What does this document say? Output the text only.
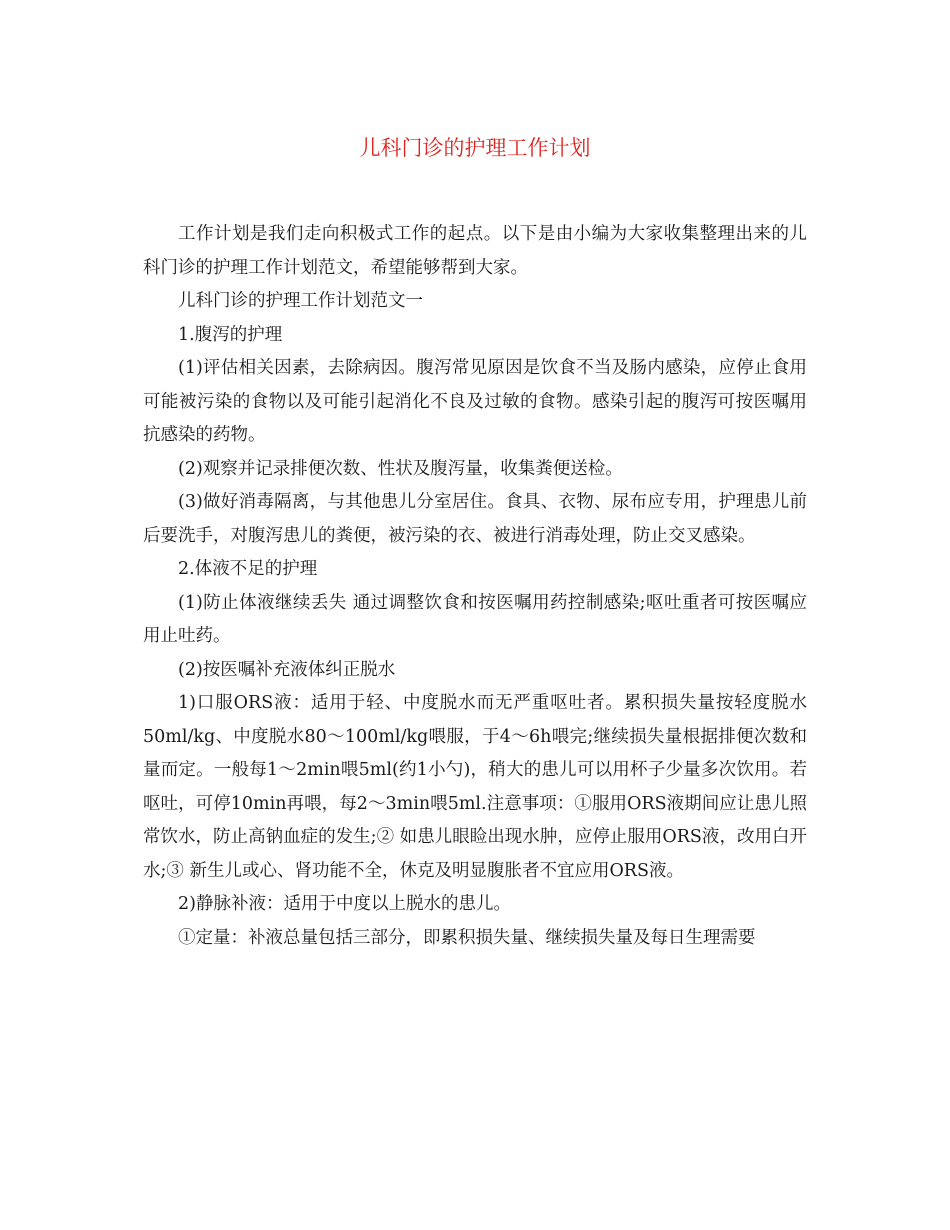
儿科门诊的护理工作计划

工作计划是我们走向积极式工作的起点。以下是由小编为大家收集整理出来的儿科门诊的护理工作计划范文，希望能够帮到大家。

儿科门诊的护理工作计划范文一

1.腹泻的护理

(1)评估相关因素，去除病因。腹泻常见原因是饮食不当及肠内感染，应停止食用可能被污染的食物以及可能引起消化不良及过敏的食物。感染引起的腹泻可按医嘱用抗感染的药物。

(2)观察并记录排便次数、性状及腹泻量，收集粪便送检。

(3)做好消毒隔离，与其他患儿分室居住。食具、衣物、尿布应专用，护理患儿前后要洗手，对腹泻患儿的粪便，被污染的衣、被进行消毒处理，防止交叉感染。

2.体液不足的护理

(1)防止体液继续丢失 通过调整饮食和按医嘱用药控制感染;呕吐重者可按医嘱应用止吐药。

(2)按医嘱补充液体纠正脱水

1)口服ORS液：适用于轻、中度脱水而无严重呕吐者。累积损失量按轻度脱水50ml/kg、中度脱水80～100ml/kg喂服，于4～6h喂完;继续损失量根据排便次数和量而定。一般每1～2min喂5ml(约1小勺)，稍大的患儿可以用杯子少量多次饮用。若呕吐，可停10min再喂，每2～3min喂5ml.注意事项：①服用ORS液期间应让患儿照常饮水，防止高钠血症的发生;② 如患儿眼睑出现水肿，应停止服用ORS液，改用白开水;③ 新生儿或心、肾功能不全，休克及明显腹胀者不宜应用ORS液。

2)静脉补液：适用于中度以上脱水的患儿。

①定量：补液总量包括三部分，即累积损失量、继续损失量及每日生理需要
